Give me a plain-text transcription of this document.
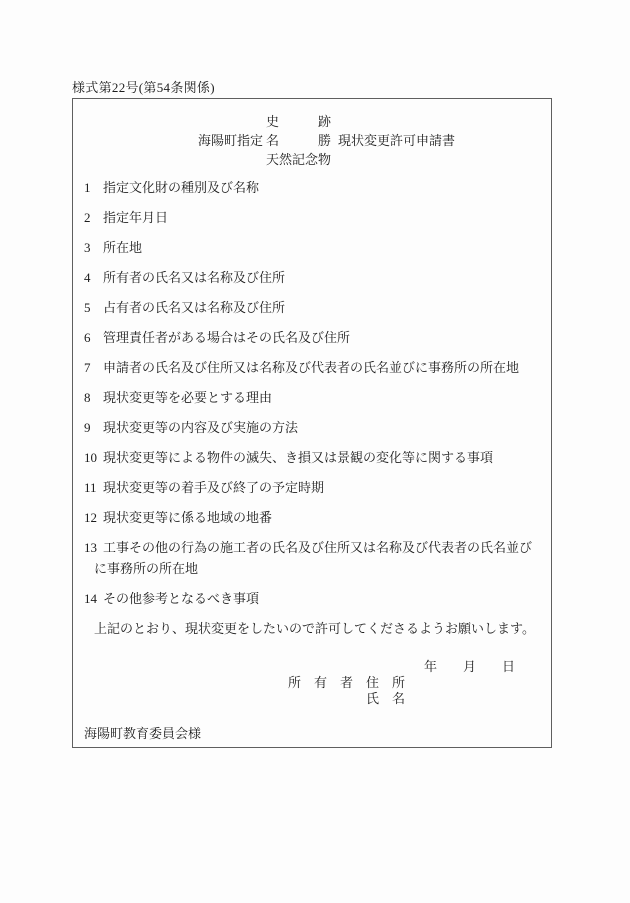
様式第22号(第54条関係)
海陽町指定
史　　　跡
名　　　勝
天然記念物
現状変更許可申請書
1 指定文化財の種別及び名称
2 指定年月日
3 所在地
4 所有者の氏名又は名称及び住所
5 占有者の氏名又は名称及び住所
6 管理責任者がある場合はその氏名及び住所
7 申請者の氏名及び住所又は名称及び代表者の氏名並びに事務所の所在地
8 現状変更等を必要とする理由
9 現状変更等の内容及び実施の方法
10 現状変更等による物件の滅失、き損又は景観の変化等に関する事項
11 現状変更等の着手及び終了の予定時期
12 現状変更等に係る地域の地番
13 工事その他の行為の施工者の氏名及び住所又は名称及び代表者の氏名並びに事務所の所在地
14 その他参考となるべき事項
上記のとおり、現状変更をしたいので許可してくださるようお願いします。
年　　月　　日
所　有　者　住　所
氏　名
海陽町教育委員会様
